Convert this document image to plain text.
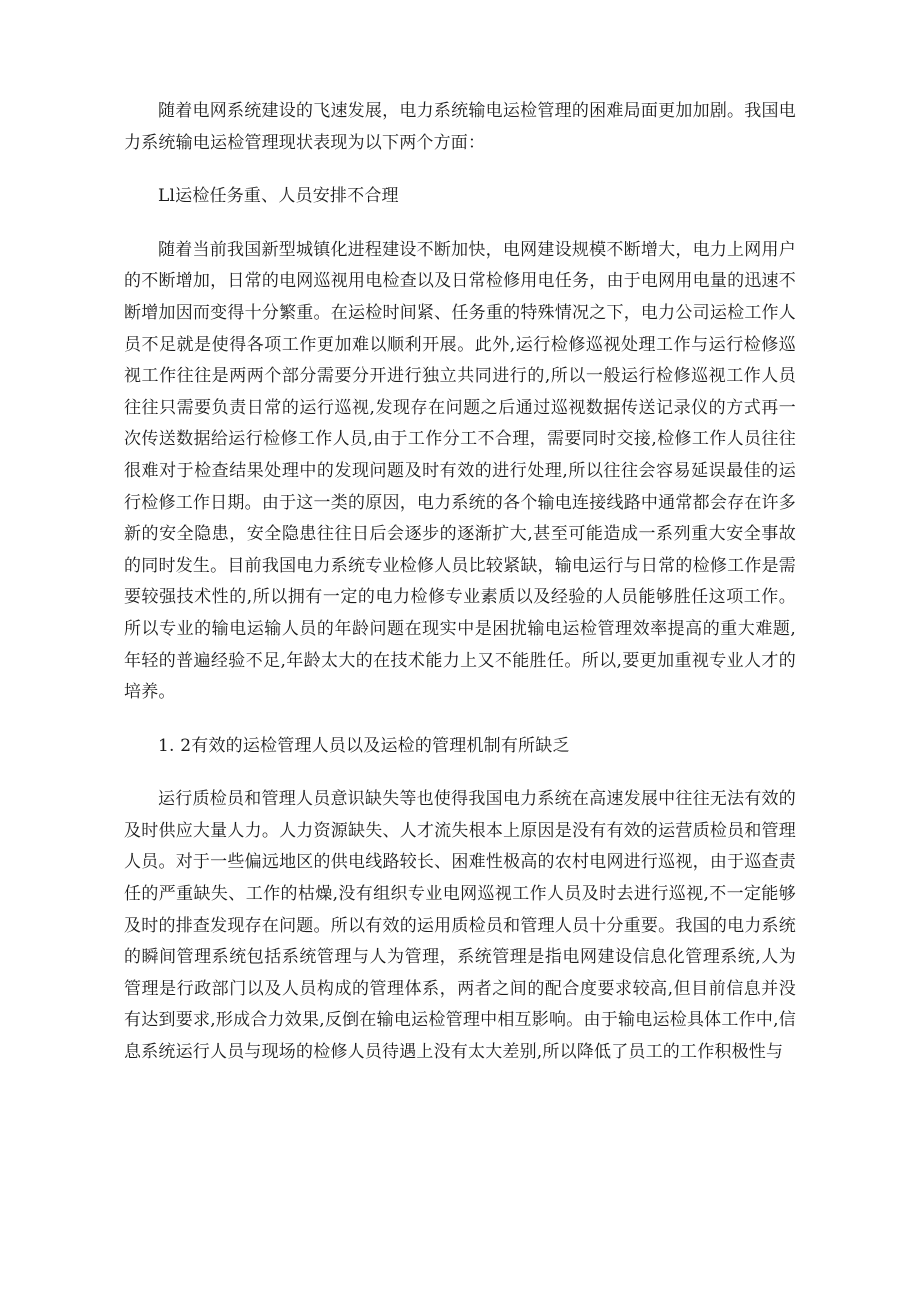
随着电网系统建设的飞速发展，电力系统输电运检管理的困难局面更加加剧。我国电力系统输电运检管理现状表现为以下两个方面：

Ll运检任务重、人员安排不合理

随着当前我国新型城镇化进程建设不断加快，电网建设规模不断增大，电力上网用户的不断增加，日常的电网巡视用电检查以及日常检修用电任务，由于电网用电量的迅速不断增加因而变得十分繁重。在运检时间紧、任务重的特殊情况之下，电力公司运检工作人员不足就是使得各项工作更加难以顺利开展。此外,运行检修巡视处理工作与运行检修巡视工作往往是两两个部分需要分开进行独立共同进行的,所以一般运行检修巡视工作人员往往只需要负责日常的运行巡视,发现存在问题之后通过巡视数据传送记录仪的方式再一次传送数据给运行检修工作人员,由于工作分工不合理，需要同时交接,检修工作人员往往很难对于检查结果处理中的发现问题及时有效的进行处理,所以往往会容易延误最佳的运行检修工作日期。由于这一类的原因，电力系统的各个输电连接线路中通常都会存在许多新的安全隐患，安全隐患往往日后会逐步的逐渐扩大,甚至可能造成一系列重大安全事故的同时发生。目前我国电力系统专业检修人员比较紧缺，输电运行与日常的检修工作是需要较强技术性的,所以拥有一定的电力检修专业素质以及经验的人员能够胜任这项工作。所以专业的输电运输人员的年龄问题在现实中是困扰输电运检管理效率提高的重大难题,年轻的普遍经验不足,年龄太大的在技术能力上又不能胜任。所以,要更加重视专业人才的培养。

1. 2有效的运检管理人员以及运检的管理机制有所缺乏

运行质检员和管理人员意识缺失等也使得我国电力系统在高速发展中往往无法有效的及时供应大量人力。人力资源缺失、人才流失根本上原因是没有有效的运营质检员和管理人员。对于一些偏远地区的供电线路较长、困难性极高的农村电网进行巡视，由于巡查责任的严重缺失、工作的枯燥,没有组织专业电网巡视工作人员及时去进行巡视,不一定能够及时的排查发现存在问题。所以有效的运用质检员和管理人员十分重要。我国的电力系统的瞬间管理系统包括系统管理与人为管理，系统管理是指电网建设信息化管理系统,人为管理是行政部门以及人员构成的管理体系，两者之间的配合度要求较高,但目前信息并没有达到要求,形成合力效果,反倒在输电运检管理中相互影响。由于输电运检具体工作中,信息系统运行人员与现场的检修人员待遇上没有太大差别,所以降低了员工的工作积极性与
